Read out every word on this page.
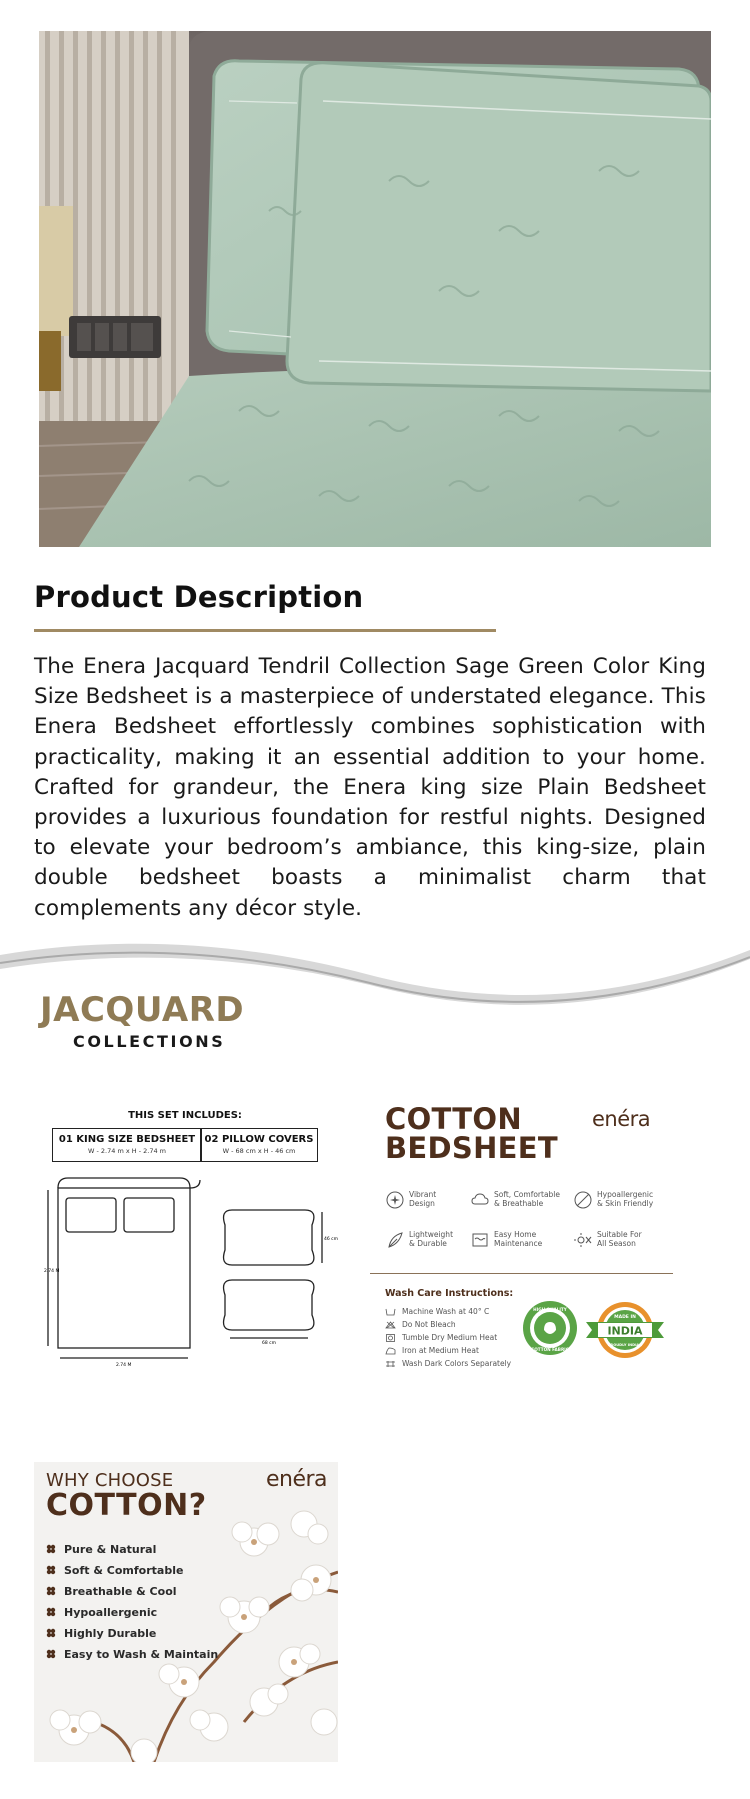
Product Description

The Enera Jacquard Tendril Collection Sage Green Color King Size Bedsheet is a masterpiece of understated elegance. This Enera Bedsheet effortlessly combines sophistication with practicality, making it an essential addition to your home. Crafted for grandeur, the Enera king size Plain Bedsheet provides a luxurious foundation for restful nights. Designed to elevate your bedroom’s ambiance, this king-size, plain double bedsheet boasts a minimalist charm that complements any décor style.

JACQUARD
COLLECTIONS
THIS SET INCLUDES:
01 KING SIZE BEDSHEET
W - 2.74 m x H - 2.74 m
02 PILLOW COVERS
W - 68 cm x H - 46 cm
2.74 M
2.74 M
46 cm
68 cm
COTTON
BEDSHEET
enéra
Vibrant
Design
Soft, Comfortable
& Breathable
Hypoallergenic
& Skin Friendly
Lightweight
& Durable
Easy Home
Maintenance
Suitable For
All Season
Wash Care Instructions:
Machine Wash at 40° C
Do Not Bleach
Tumble Dry Medium Heat
Iron at Medium Heat
Wash Dark Colors Separately
HIGH QUALITY
COTTON FABRIC
INDIA
MADE IN
PROUDLY INDIAN
WHY CHOOSE
COTTON?
enéra
Pure & Natural
Soft & Comfortable
Breathable & Cool
Hypoallergenic
Highly Durable
Easy to Wash & Maintain
